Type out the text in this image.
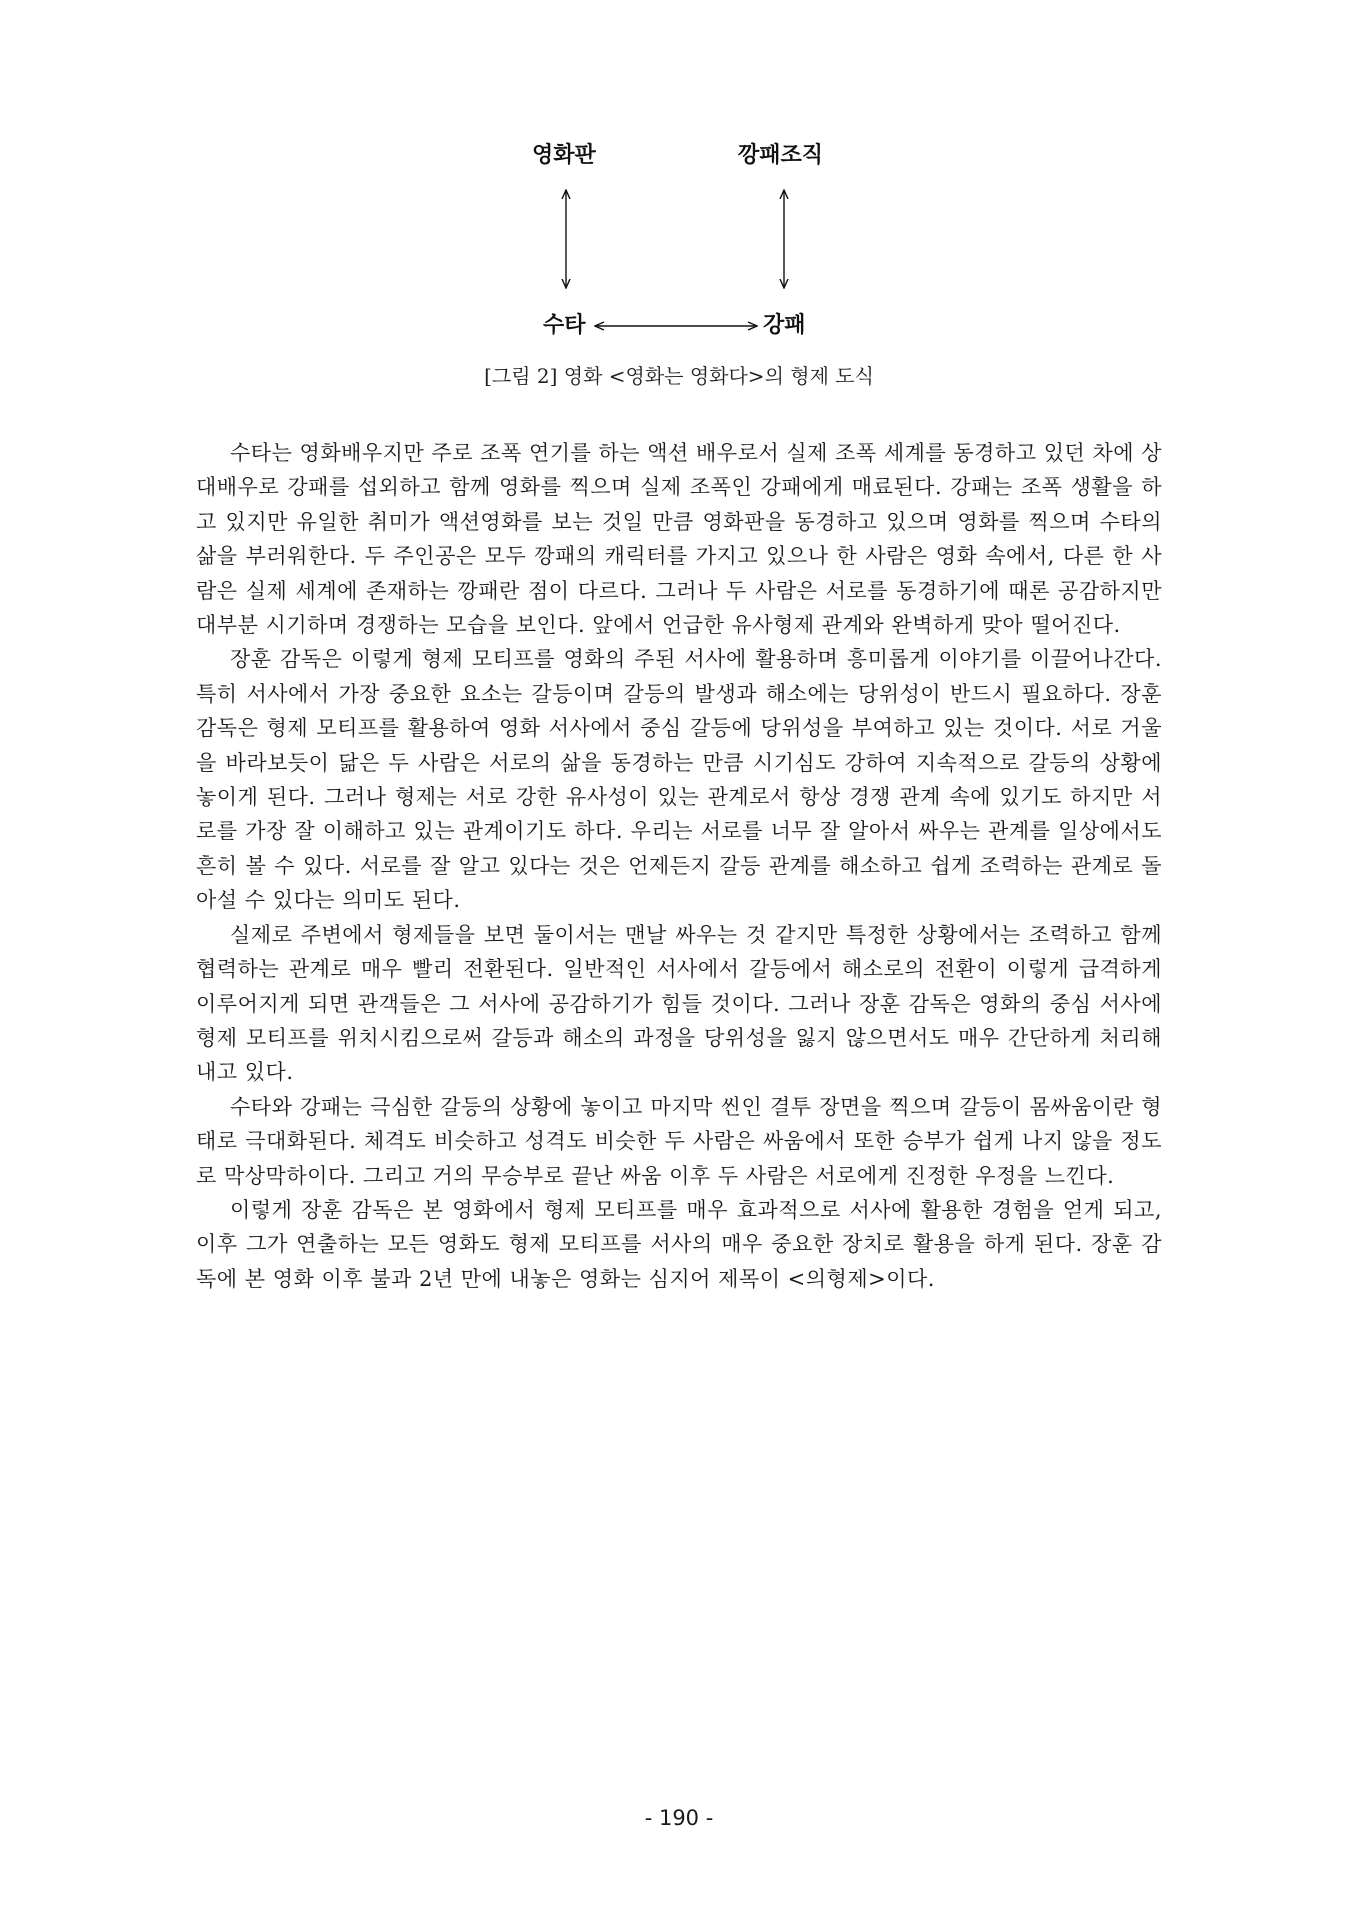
영화판	깡패조직
수타	강패
[그림 2] 영화 <영화는 영화다>의 형제 도식

수타는 영화배우지만 주로 조폭 연기를 하는 액션 배우로서 실제 조폭 세계를 동경하고 있던 차에 상대배우로 강패를 섭외하고 함께 영화를 찍으며 실제 조폭인 강패에게 매료된다. 강패는 조폭 생활을 하고 있지만 유일한 취미가 액션영화를 보는 것일 만큼 영화판을 동경하고 있으며 영화를 찍으며 수타의 삶을 부러워한다. 두 주인공은 모두 깡패의 캐릭터를 가지고 있으나 한 사람은 영화 속에서, 다른 한 사람은 실제 세계에 존재하는 깡패란 점이 다르다. 그러나 두 사람은 서로를 동경하기에 때론 공감하지만 대부분 시기하며 경쟁하는 모습을 보인다. 앞에서 언급한 유사형제 관계와 완벽하게 맞아 떨어진다.

장훈 감독은 이렇게 형제 모티프를 영화의 주된 서사에 활용하며 흥미롭게 이야기를 이끌어나간다. 특히 서사에서 가장 중요한 요소는 갈등이며 갈등의 발생과 해소에는 당위성이 반드시 필요하다. 장훈 감독은 형제 모티프를 활용하여 영화 서사에서 중심 갈등에 당위성을 부여하고 있는 것이다. 서로 거울을 바라보듯이 닮은 두 사람은 서로의 삶을 동경하는 만큼 시기심도 강하여 지속적으로 갈등의 상황에 놓이게 된다. 그러나 형제는 서로 강한 유사성이 있는 관계로서 항상 경쟁 관계 속에 있기도 하지만 서로를 가장 잘 이해하고 있는 관계이기도 하다. 우리는 서로를 너무 잘 알아서 싸우는 관계를 일상에서도 흔히 볼 수 있다. 서로를 잘 알고 있다는 것은 언제든지 갈등 관계를 해소하고 쉽게 조력하는 관계로 돌아설 수 있다는 의미도 된다.

실제로 주변에서 형제들을 보면 둘이서는 맨날 싸우는 것 같지만 특정한 상황에서는 조력하고 함께 협력하는 관계로 매우 빨리 전환된다. 일반적인 서사에서 갈등에서 해소로의 전환이 이렇게 급격하게 이루어지게 되면 관객들은 그 서사에 공감하기가 힘들 것이다. 그러나 장훈 감독은 영화의 중심 서사에 형제 모티프를 위치시킴으로써 갈등과 해소의 과정을 당위성을 잃지 않으면서도 매우 간단하게 처리해내고 있다.

수타와 강패는 극심한 갈등의 상황에 놓이고 마지막 씬인 결투 장면을 찍으며 갈등이 몸싸움이란 형태로 극대화된다. 체격도 비슷하고 성격도 비슷한 두 사람은 싸움에서 또한 승부가 쉽게 나지 않을 정도로 막상막하이다. 그리고 거의 무승부로 끝난 싸움 이후 두 사람은 서로에게 진정한 우정을 느낀다.

이렇게 장훈 감독은 본 영화에서 형제 모티프를 매우 효과적으로 서사에 활용한 경험을 얻게 되고, 이후 그가 연출하는 모든 영화도 형제 모티프를 서사의 매우 중요한 장치로 활용을 하게 된다. 장훈 감독에 본 영화 이후 불과 2년 만에 내놓은 영화는 심지어 제목이 <의형제>이다.

- 190 -
